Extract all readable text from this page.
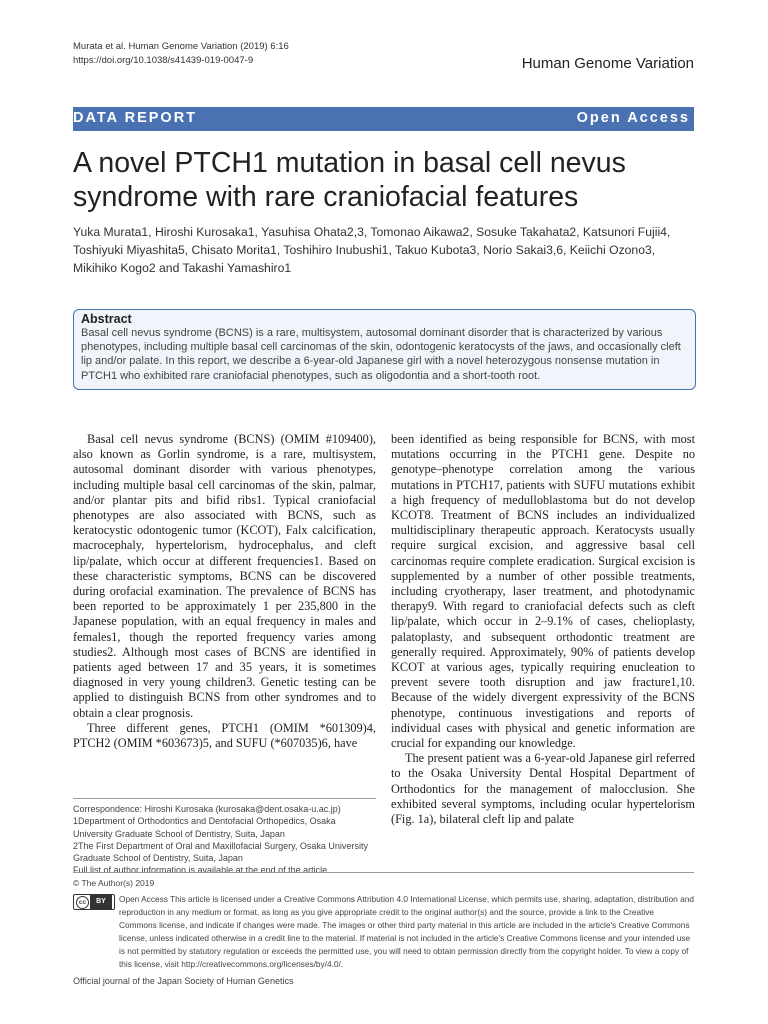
Murata et al. Human Genome Variation (2019) 6:16
https://doi.org/10.1038/s41439-019-0047-9	Human Genome Variation
DATA REPORT	Open Access
A novel PTCH1 mutation in basal cell nevus
syndrome with rare craniofacial features
Yuka Murata1, Hiroshi Kurosaka1, Yasuhisa Ohata2,3, Tomonao Aikawa2, Sosuke Takahata2, Katsunori Fujii4,
Toshiyuki Miyashita5, Chisato Morita1, Toshihiro Inubushi1, Takuo Kubota3, Norio Sakai3,6, Keiichi Ozono3,
Mikihiko Kogo2 and Takashi Yamashiro1
Abstract

Basal cell nevus syndrome (BCNS) is a rare, multisystem, autosomal dominant disorder that is characterized by various phenotypes, including multiple basal cell carcinomas of the skin, odontogenic keratocysts of the jaws, and occasionally cleft lip and/or palate. In this report, we describe a 6-year-old Japanese girl with a novel heterozygous nonsense mutation in PTCH1 who exhibited rare craniofacial phenotypes, such as oligodontia and a short-tooth root.

Basal cell nevus syndrome (BCNS) (OMIM #109400), also known as Gorlin syndrome, is a rare, multisystem, autosomal dominant disorder with various phenotypes, including multiple basal cell carcinomas of the skin, palmar, and/or plantar pits and bifid ribs1. Typical craniofacial phenotypes are also associated with BCNS, such as keratocystic odontogenic tumor (KCOT), Falx calcification, macrocephaly, hypertelorism, hydrocephalus, and cleft lip/palate, which occur at different frequencies1. Based on these characteristic symptoms, BCNS can be discovered during orofacial examination. The prevalence of BCNS has been reported to be approximately 1 per 235,800 in the Japanese population, with an equal frequency in males and females1, though the reported frequency varies among studies2. Although most cases of BCNS are identified in patients aged between 17 and 35 years, it is sometimes diagnosed in very young children3. Genetic testing can be applied to distinguish BCNS from other syndromes and to obtain a clear prognosis.

Three different genes, PTCH1 (OMIM *601309)4, PTCH2 (OMIM *603673)5, and SUFU (*607035)6, have

been identified as being responsible for BCNS, with most mutations occurring in the PTCH1 gene. Despite no genotype–phenotype correlation among the various mutations in PTCH17, patients with SUFU mutations exhibit a high frequency of medulloblastoma but do not develop KCOT8. Treatment of BCNS includes an individualized multidisciplinary therapeutic approach. Keratocysts usually require surgical excision, and aggressive basal cell carcinomas require complete eradication. Surgical excision is supplemented by a number of other possible treatments, including cryotherapy, laser treatment, and photodynamic therapy9. With regard to craniofacial defects such as cleft lip/palate, which occur in 2–9.1% of cases, chelioplasty, palatoplasty, and subsequent orthodontic treatment are generally required. Approximately, 90% of patients develop KCOT at various ages, typically requiring enucleation to prevent severe tooth disruption and jaw fracture1,10. Because of the widely divergent expressivity of the BCNS phenotype, continuous investigations and reports of individual cases with physical and genetic information are crucial for expanding our knowledge.

The present patient was a 6-year-old Japanese girl referred to the Osaka University Dental Hospital Department of Orthodontics for the management of malocclusion. She exhibited several symptoms, including ocular hypertelorism (Fig. 1a), bilateral cleft lip and palate

Correspondence: Hiroshi Kurosaka (kurosaka@dent.osaka-u.ac.jp)
1Department of Orthodontics and Dentofacial Orthopedics, Osaka University Graduate School of Dentistry, Suita, Japan
2The First Department of Oral and Maxillofacial Surgery, Osaka University Graduate School of Dentistry, Suita, Japan
Full list of author information is available at the end of the article.
© The Author(s) 2019
cc	BY	Open Access This article is licensed under a Creative Commons Attribution 4.0 International License, which permits use, sharing, adaptation, distribution and reproduction in any medium or format, as long as you give appropriate credit to the original author(s) and the source, provide a link to the Creative Commons license, and indicate if changes were made. The images or other third party material in this article are included in the article's Creative Commons license, unless indicated otherwise in a credit line to the material. If material is not included in the article's Creative Commons license and your intended use is not permitted by statutory regulation or exceeds the permitted use, you will need to obtain permission directly from the copyright holder. To view a copy of this license, visit http://creativecommons.org/licenses/by/4.0/.
Official journal of the Japan Society of Human Genetics
